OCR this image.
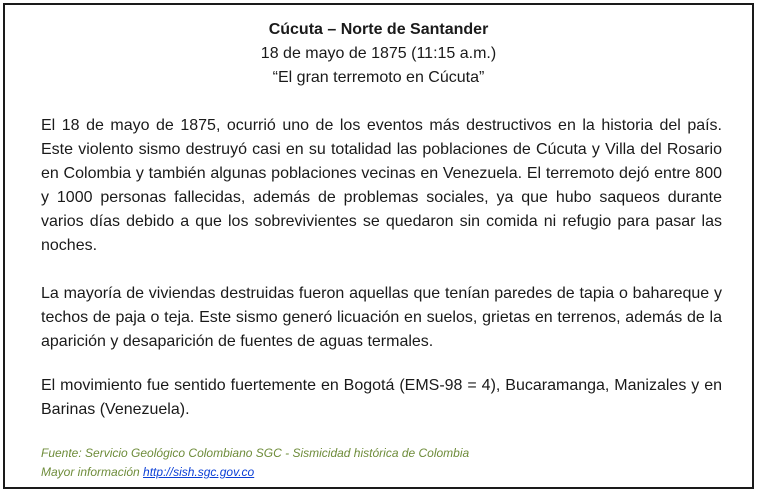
Cúcuta – Norte de Santander
18 de mayo de 1875 (11:15 a.m.)
“El gran terremoto en Cúcuta”

El 18 de mayo de 1875, ocurrió uno de los eventos más destructivos en la historia del país. Este violento sismo destruyó casi en su totalidad las poblaciones de Cúcuta y Villa del Rosario en Colombia y también algunas poblaciones vecinas en Venezuela. El terremoto dejó entre 800 y 1000 personas fallecidas, además de problemas sociales, ya que hubo saqueos durante varios días debido a que los sobrevivientes se quedaron sin comida ni refugio para pasar las noches.

La mayoría de viviendas destruidas fueron aquellas que tenían paredes de tapia o bahareque y techos de paja o teja. Este sismo generó licuación en suelos, grietas en terrenos, además de la aparición y desaparición de fuentes de aguas termales.

El movimiento fue sentido fuertemente en Bogotá (EMS-98 = 4), Bucaramanga, Manizales y en Barinas (Venezuela).

Fuente: Servicio Geológico Colombiano SGC - Sismicidad histórica de Colombia
Mayor información http://sish.sgc.gov.co
